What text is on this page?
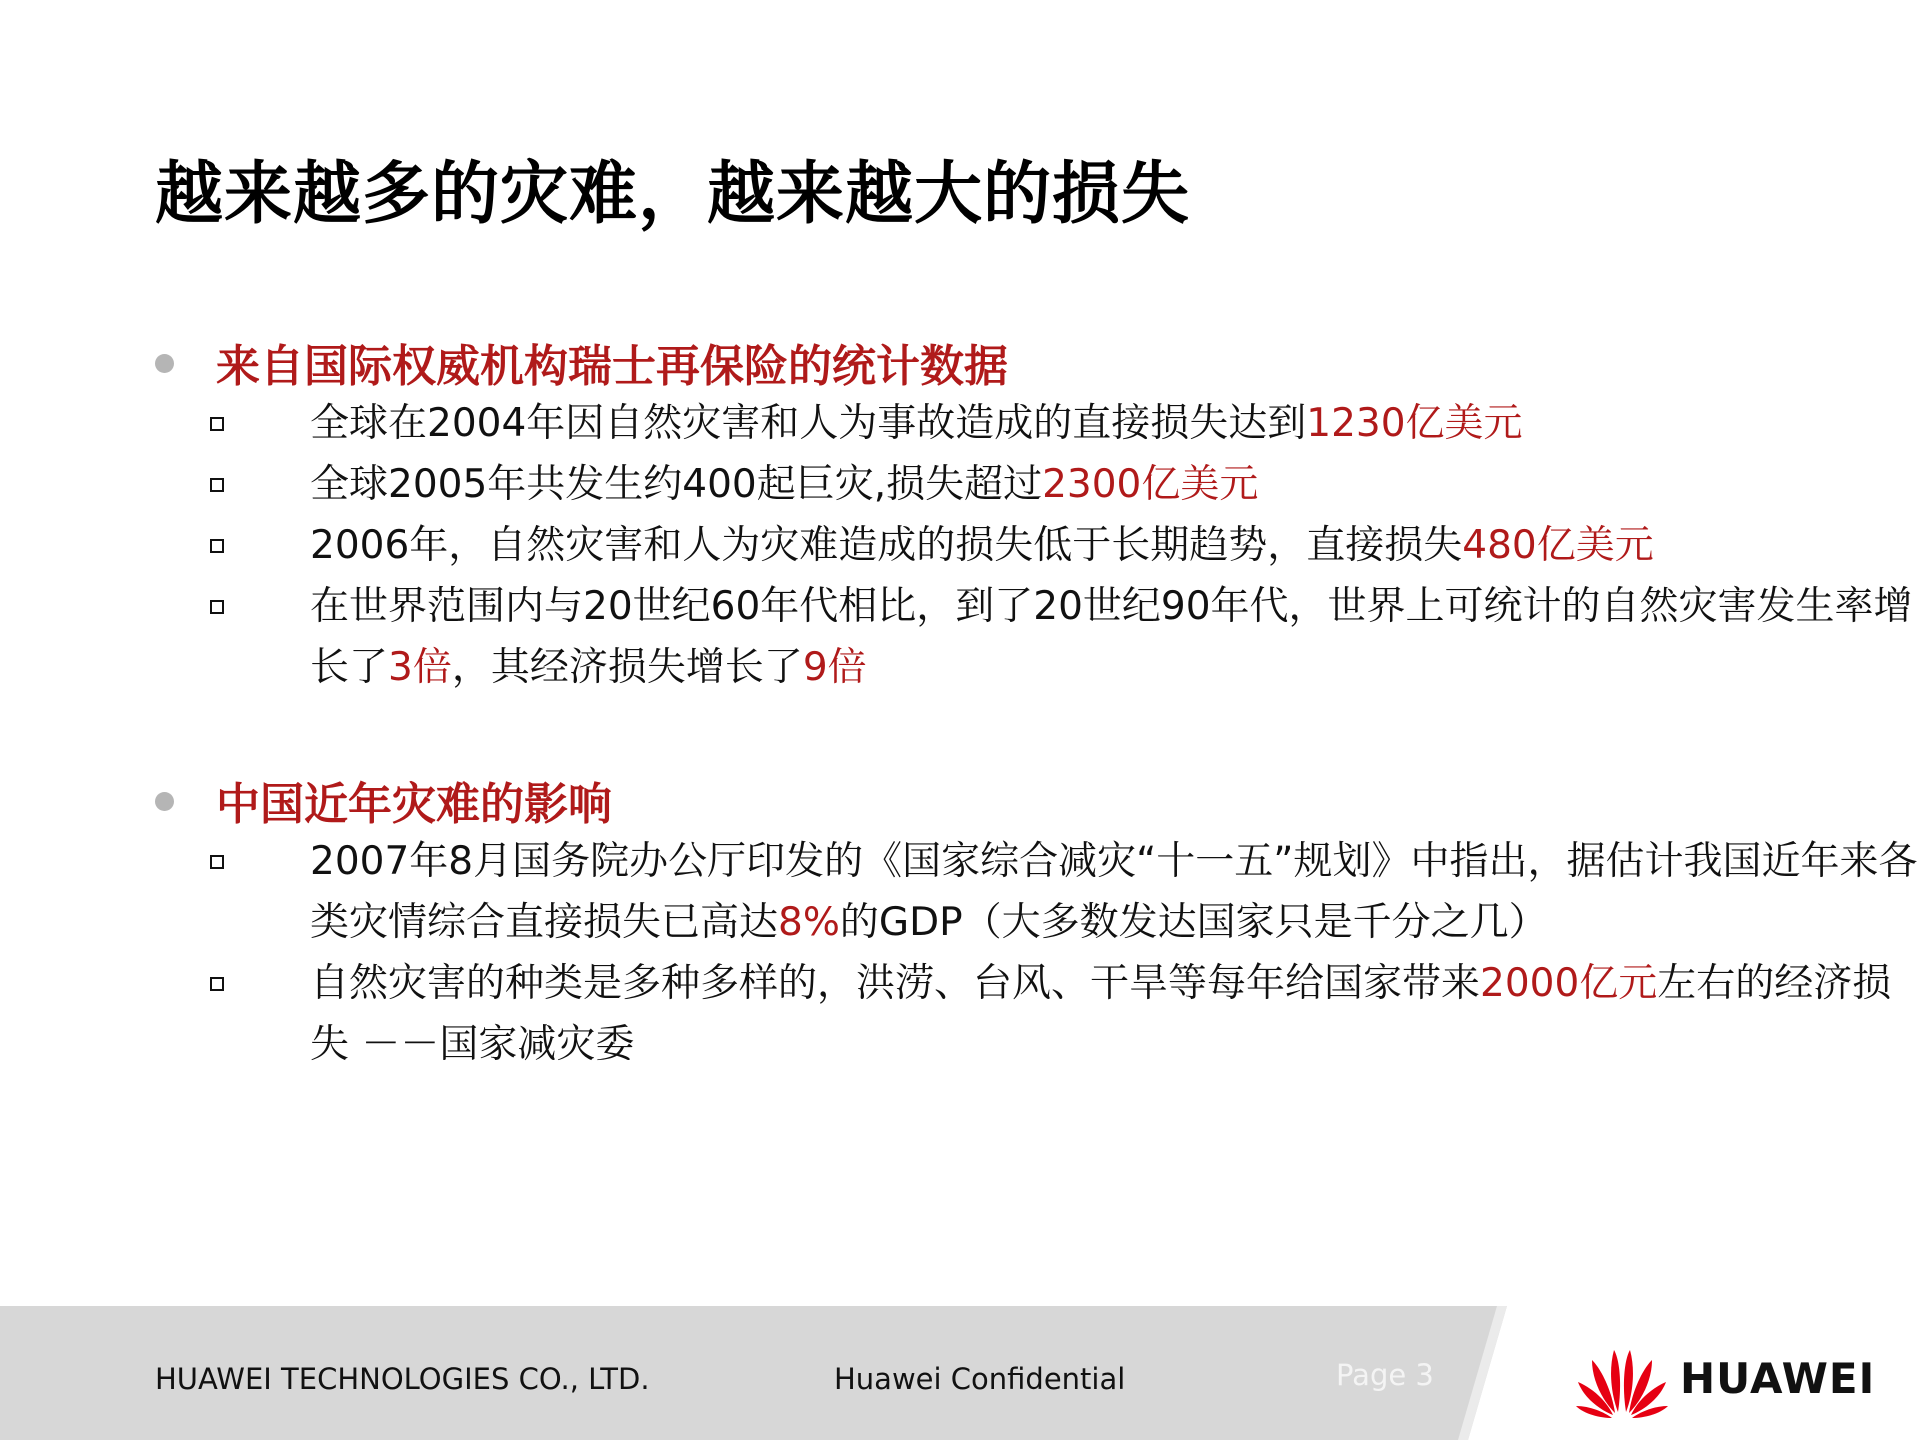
越来越多的灾难，越来越大的损失
来自国际权威机构瑞士再保险的统计数据
全球在2004年因自然灾害和人为事故造成的直接损失达到1230亿美元
全球2005年共发生约400起巨灾,损失超过2300亿美元
2006年，自然灾害和人为灾难造成的损失低于长期趋势，直接损失480亿美元
在世界范围内与20世纪60年代相比，到了20世纪90年代，世界上可统计的自然灾害发生率增长了3倍，其经济损失增长了9倍
中国近年灾难的影响
2007年8月国务院办公厅印发的《国家综合减灾“十一五”规划》中指出，据估计我国近年来各类灾情综合直接损失已高达8%的GDP（大多数发达国家只是千分之几）
自然灾害的种类是多种多样的，洪涝、台风、干旱等每年给国家带来2000亿元左右的经济损失 －－国家减灾委
HUAWEI TECHNOLOGIES CO., LTD.	Huawei Confidential	Page 3	HUAWEI
